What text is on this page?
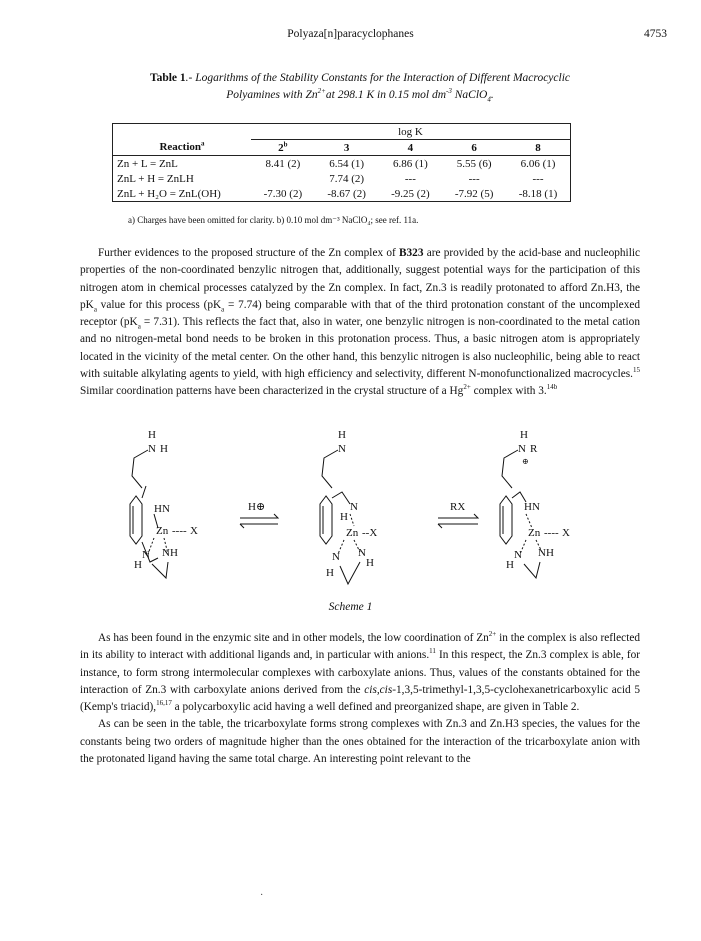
Polyaza[n]paracyclophanes	4753
Table 1.- Logarithms of the Stability Constants for the Interaction of Different Macrocyclic
Polyamines with $Zn^{2+}at$ 298.1 K in 0.15 mol $dm^{-3}$ NaClO$_4$.
	log K				
Reaction$^a$	2$^b$	3	4	6	8
Zn + L = ZnL	8.41 (2)	6.54 (1)	6.86 (1)	5.55 (6)	6.06 (1)
ZnL + H = ZnLH		7.74 (2)	---	---	---
ZnL + H₂O = ZnL(OH)	-7.30 (2)	-8.67 (2)	-9.25 (2)	-7.92 (5)	-8.18 (1)
a) Charges have been omitted for clarity. b) 0.10 mol dm⁻³ NaClO₄; see ref. 11a.

Further evidences to the proposed structure of the Zn complex of B323 are provided by the acid-base and nucleophilic properties of the non-coordinated benzylic nitrogen that, additionally, suggest potential ways for the participation of this nitrogen atom in chemical processes catalyzed by the Zn complex. In fact, Zn.3 is readily protonated to afford Zn.H3, the $pK_a$ value for this process $(pK_a = 7.74)$ being comparable with that of the third protonation constant of the uncomplexed receptor $(pK_a = 7.31)$. This reflects the fact that, also in water, one benzylic nitrogen is non-coordinated to the metal cation and no nitrogen-metal bond needs to be broken in this protonation process. Thus, a basic nitrogen atom is appropriately located in the vicinity of the metal center. On the other hand, this benzylic nitrogen is also nucleophilic, being able to react with suitable alkylating agents to yield, with high efficiency and selectivity, different N-monofunctionalized macrocycles.$^{15}$ Similar coordination patterns have been characterized in the crystal structure of a $Hg^{2+}$ complex with 3.$^{14b}$

H
N H
HN
Zn ---- X
N
H
NH
H⊕
H
N
N
H
Zn --X
N
H
N
H
RX
H
N R
⊕
HN
Zn ---- X
N
H
NH
Scheme 1

As has been found in the enzymic site and in other models, the low coordination of $Zn^{2+}$ in the complex is also reflected in its ability to interact with additional ligands and, in particular with anions.$^{11}$ In this respect, the Zn.3 complex is able, for instance, to form strong intermolecular complexes with carboxylate anions. Thus, values of the constants obtained for the interaction of Zn.3 with carboxylate anions derived from the cis,cis-1,3,5-trimethyl-1,3,5-cyclohexanetricarboxylic acid 5 (Kemp's triacid),$^{16,17}$ a polycarboxylic acid having a well defined and preorganized shape, are given in Table 2.

As can be seen in the table, the tricarboxylate forms strong complexes with Zn.3 and Zn.H3 species, the values for the constants being two orders of magnitude higher than the ones obtained for the interaction of the tricarboxylate anion with the protonated ligand having the same total charge. An interesting point relevant to the

·
